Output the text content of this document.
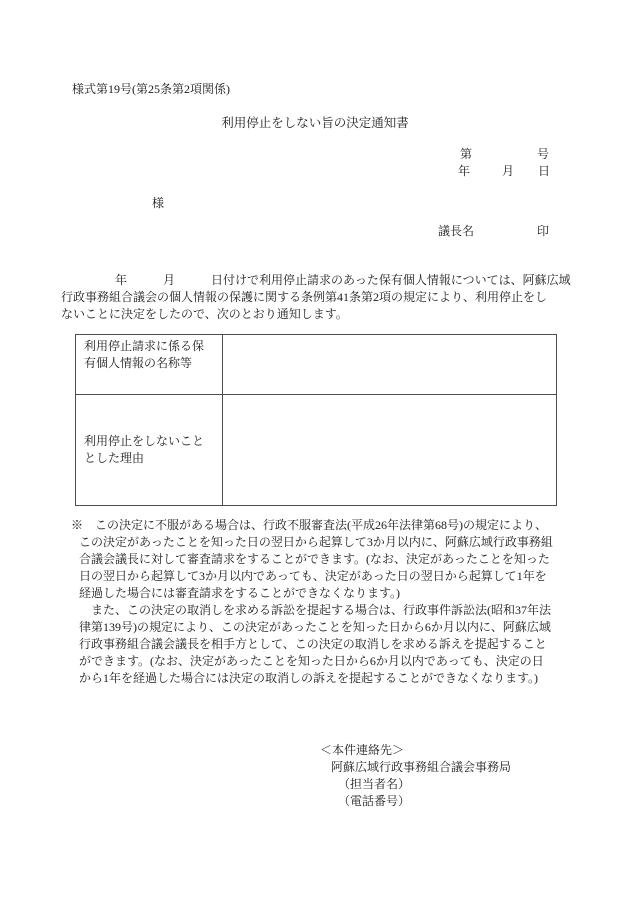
様式第19号(第25条第2項関係)
利用停止をしない旨の決定通知書
第	号
年	月 日
様
議長名	印
年　　　月　　　日付けで利用停止請求のあった保有個人情報については、阿蘇広域
行政事務組合議会の個人情報の保護に関する条例第41条第2項の規定により、利用停止をし
ないことに決定をしたので、次のとおり通知します。
利用停止請求に係る保有個人情報の名称等	
利用停止をしないこととした理由	
※　この決定に不服がある場合は、行政不服審査法(平成26年法律第68号)の規定により、
この決定があったことを知った日の翌日から起算して3か月以内に、阿蘇広域行政事務組
合議会議長に対して審査請求をすることができます。(なお、決定があったことを知った
日の翌日から起算して3か月以内であっても、決定があった日の翌日から起算して1年を
経過した場合には審査請求をすることができなくなります。)
また、この決定の取消しを求める訴訟を提起する場合は、行政事件訴訟法(昭和37年法
律第139号)の規定により、この決定があったことを知った日から6か月以内に、阿蘇広域
行政事務組合議会議長を相手方として、この決定の取消しを求める訴えを提起すること
ができます。(なお、決定があったことを知った日から6か月以内であっても、決定の日
から1年を経過した場合には決定の取消しの訴えを提起することができなくなります。)
＜本件連絡先＞
阿蘇広域行政事務組合議会事務局
（担当者名）
（電話番号）
